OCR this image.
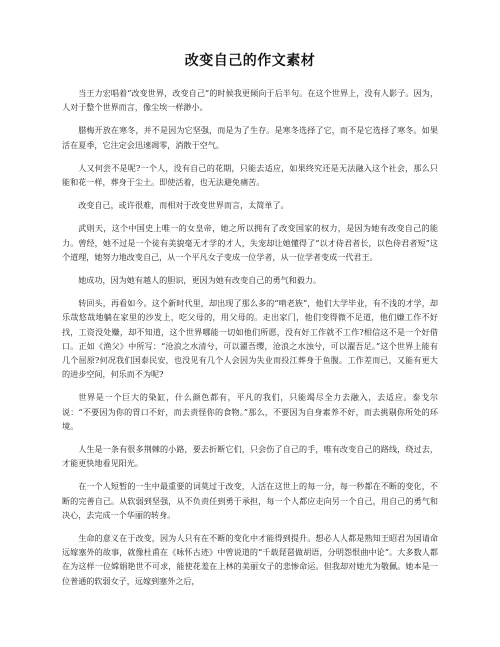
改变自己的作文素材

当王力宏唱着“改变世界，改变自己”的时候我更倾向于后半句。在这个世界上，没有人影子。因为，人对于整个世界而言，像尘埃一样渺小。

腊梅开放在寒冬，并不是因为它坚强，而是为了生存。是寒冬选择了它，而不是它选择了寒冬。如果活在夏季，它注定会迅速凋零，消散于空气。

人又何尝不是呢?一个人，没有自己的花期，只能去适应，如果终究还是无法融入这个社会，那么只能和花一样，葬身于尘土。即使活着，也无法避免痛苦。

改变自己，或许很难，而相对于改变世界而言，太简单了。

武则天，这个中国史上唯一的女皇帝，她之所以拥有了改变国家的权力，是因为她有改变自己的能力。曾经，她不过是一个徒有美貌毫无才学的才人，失宠却让她懂得了“以才侍君者长，以色侍君者短”这个道理，她努力地改变自己，从一个平凡女子变成一位学者，从一位学者变成一代君王。

她成功，因为她有越人的胆识，更因为她有改变自己的勇气和毅力。

转回头，再看如今。这个新时代里，却出现了那么多的“啃老族”，他们大学毕业，有不浅的才学，却乐哉悠哉地躺在家里的沙发上，吃父母的，用父母的。走出家门，他们变得微不足道，他们嫌工作不好找，工资没处赚，却不知道，这个世界哪能一切如他们所愿，没有好工作就不工作?相信这不是一个好借口。正如《渔父》中所写：“沧浪之水清兮，可以濯吾缨，沧浪之水浊兮，可以濯吾足。”这个世界上能有几个屈原?何况我们国泰民安，也没见有几个人会因为失业而投江葬身于鱼腹。工作差而已，又能有更大的进步空间，何乐而不为呢?

世界是一个巨大的染缸，什么颜色都有，平凡的我们，只能竭尽全力去融入，去适应。泰戈尔说：“不要因为你的胃口不好，而去责怪你的食物。”那么，不要因为自身素养不好，而去挑剔你所处的环境。

人生是一条有很多荆棘的小路，要去折断它们，只会伤了自己的手，唯有改变自己的路线，绕过去，才能更快地看见阳光。

在一个人短暂的一生中最重要的词莫过于改变，人活在这世上的每一分，每一秒都在不断的变化，不断的完善自己。从软弱到坚强，从不负责任到勇于承担，每一个人都应走向另一个自己，用自己的勇气和决心，去完成一个华丽的转身。

生命的意义在于改变，因为人只有在不断的变化中才能得到提升。想必人人都是熟知王昭君为国请命远嫁塞外的故事，就像杜甫在《咏怀古迹》中曾说道的“千载琵琶做胡语，分明怨恨曲中论”。大多数人都在为这样一位嫦娟艳世不可求，能使花羞在上林的美丽女子的悲惨命运。但我却对她尤为敬佩。她本是一位普通的软弱女子，远嫁到塞外之后，
